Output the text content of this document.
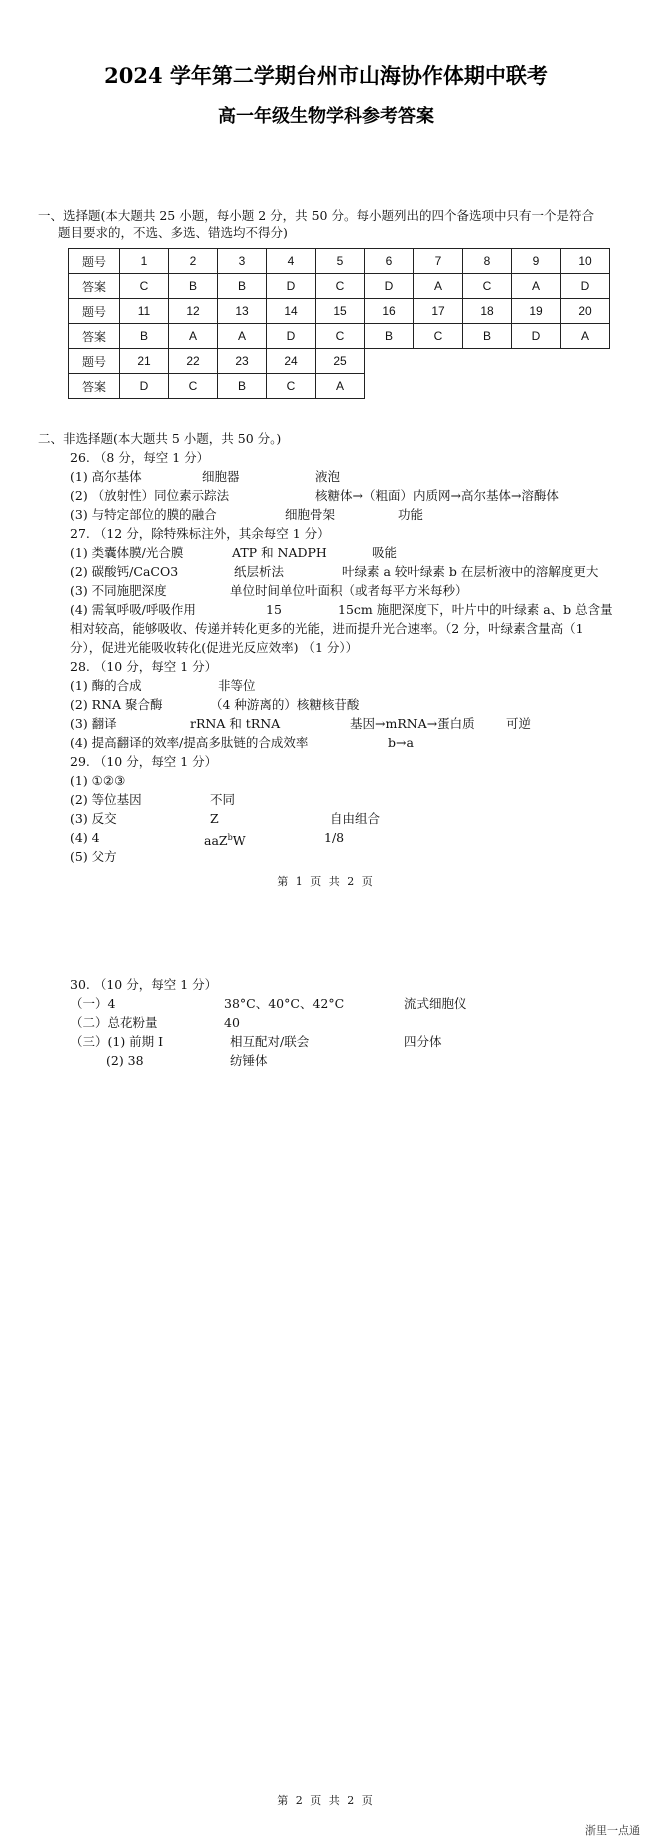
2024 学年第二学期台州市山海协作体期中联考
高一年级生物学科参考答案
一、选择题(本大题共 25 小题，每小题 2 分，共 50 分。每小题列出的四个备选项中只有一个是符合
题目要求的，不选、多选、错选均不得分)
题号	1	2	3	4	5	6	7	8	9	10
答案	C	B	B	D	C	D	A	C	A	D
题号	11	12	13	14	15	16	17	18	19	20
答案	B	A	A	D	C	B	C	B	D	A
题号	21	22	23	24	25					
答案	D	C	B	C	A					
二、非选择题(本大题共 5 小题，共 50 分。)
26. （8 分，每空 1 分）
(1) 高尔基体	细胞器	液泡
(2) （放射性）同位素示踪法	核糖体→（粗面）内质网→高尔基体→溶酶体
(3) 与特定部位的膜的融合	细胞骨架	功能
27. （12 分，除特殊标注外，其余每空 1 分）
(1) 类囊体膜/光合膜	ATP 和 NADPH	吸能
(2) 碳酸钙/CaCO3	纸层析法	叶绿素 a 较叶绿素 b 在层析液中的溶解度更大
(3) 不同施肥深度	单位时间单位叶面积（或者每平方米每秒）
(4) 需氧呼吸/呼吸作用	15	15cm 施肥深度下，叶片中的叶绿素 a、b 总含量
相对较高，能够吸收、传递并转化更多的光能，进而提升光合速率。（2 分，叶绿素含量高（1
分），促进光能吸收转化(促进光反应效率) （1 分））
28. （10 分，每空 1 分）
(1) 酶的合成	非等位
(2) RNA 聚合酶	（4 种游离的）核糖核苷酸
(3) 翻译	rRNA 和 tRNA	基因→mRNA→蛋白质	可逆
(4) 提高翻译的效率/提高多肽链的合成效率	b→a
29. （10 分，每空 1 分）
(1) ①②③
(2) 等位基因	不同
(3) 反交	Z	自由组合
(4) 4	aaZ$^b$W	1/8
(5) 父方
第 1 页 共 2 页
30. （10 分，每空 1 分）
（一）4	38°C、40°C、42°C	流式细胞仪
（二）总花粉量	40
（三）(1) 前期 I	相互配对/联会	四分体
(2) 38	纺锤体
第 2 页 共 2 页
浙里一点通
